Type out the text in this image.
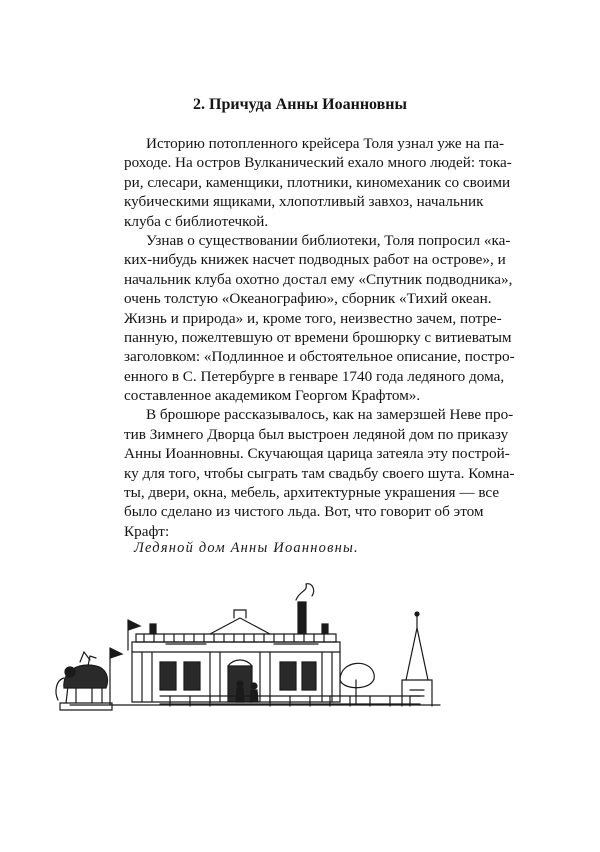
2. Причуда Анны Иоанновны
Историю потопленного крейсера Толя узнал уже на па-
роходе. На остров Вулканический ехало много людей: тока-
ри, слесари, каменщики, плотники, киномеханик со своими
кубическими ящиками, хлопотливый завхоз, начальник
клуба с библиотечкой.
Узнав о существовании библиотеки, Толя попросил «ка-
ких-нибудь книжек насчет подводных работ на острове», и
начальник клуба охотно достал ему «Спутник подводника»,
очень толстую «Океанографию», сборник «Тихий океан.
Жизнь и природа» и, кроме того, неизвестно зачем, потре-
панную, пожелтевшую от времени брошюрку с витиеватым
заголовком: «Подлинное и обстоятельное описание, постро-
енного в С. Петербурге в генваре 1740 года ледяного дома,
составленное академиком Георгом Крафтом».
В брошюре рассказывалось, как на замерзшей Неве про-
тив Зимнего Дворца был выстроен ледяной дом по приказу
Анны Иоанновны. Скучающая царица затеяла эту построй-
ку для того, чтобы сыграть там свадьбу своего шута. Комна-
ты, двери, окна, мебель, архитектурные украшения — все
было сделано из чистого льда. Вот, что говорит об этом
Крафт:
Ледяной дом Анны Иоанновны.
